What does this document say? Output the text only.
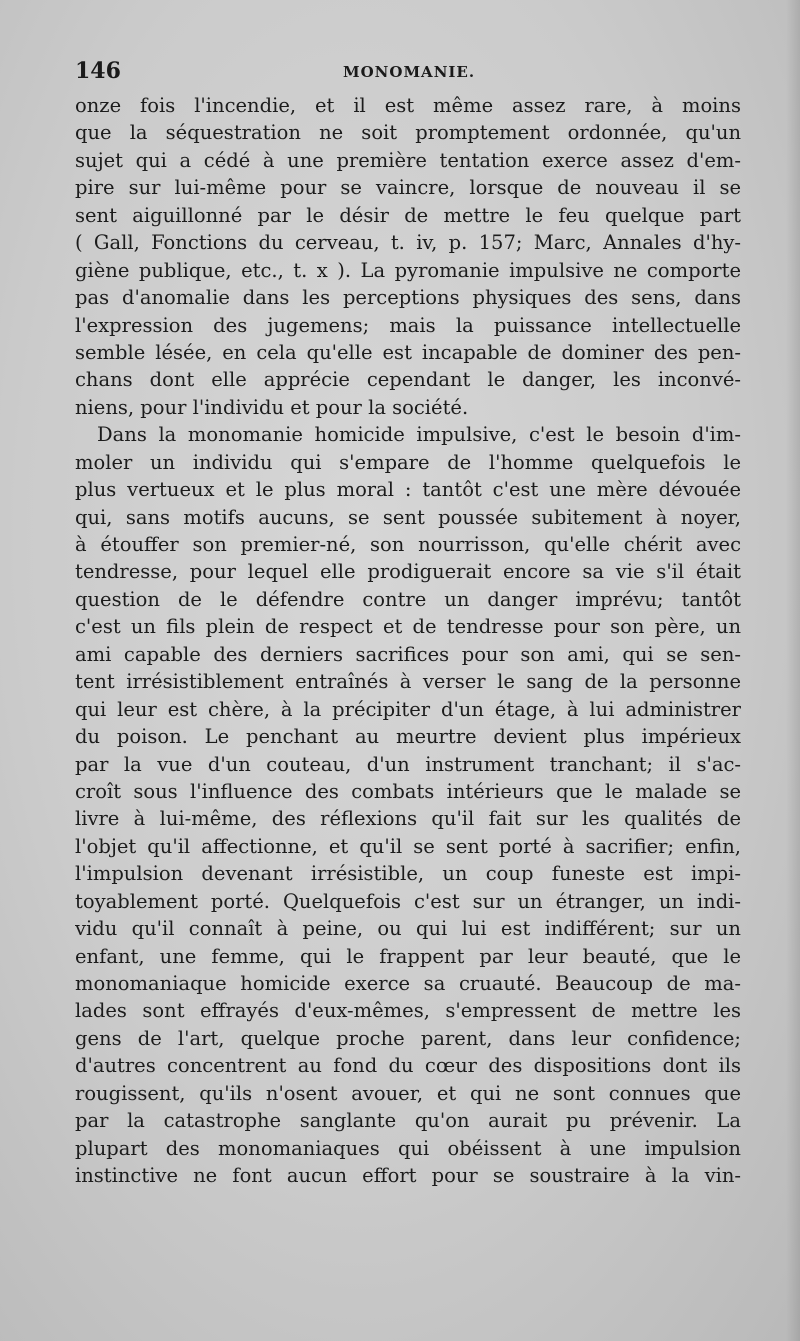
146	MONOMANIE.
onze fois l'incendie, et il est même assez rare, à moins
que la séquestration ne soit promptement ordonnée, qu'un
sujet qui a cédé à une première tentation exerce assez d'em-
pire sur lui-même pour se vaincre, lorsque de nouveau il se
sent aiguillonné par le désir de mettre le feu quelque part
( Gall, Fonctions du cerveau, t. iv, p. 157; Marc, Annales d'hy-
giène publique, etc., t. x ). La pyromanie impulsive ne comporte
pas d'anomalie dans les perceptions physiques des sens, dans
l'expression des jugemens; mais la puissance intellectuelle
semble lésée, en cela qu'elle est incapable de dominer des pen-
chans dont elle apprécie cependant le danger, les inconvé-
niens, pour l'individu et pour la société.
Dans la monomanie homicide impulsive, c'est le besoin d'im-
moler un individu qui s'empare de l'homme quelquefois le
plus vertueux et le plus moral : tantôt c'est une mère dévouée
qui, sans motifs aucuns, se sent poussée subitement à noyer,
à étouffer son premier-né, son nourrisson, qu'elle chérit avec
tendresse, pour lequel elle prodiguerait encore sa vie s'il était
question de le défendre contre un danger imprévu; tantôt
c'est un fils plein de respect et de tendresse pour son père, un
ami capable des derniers sacrifices pour son ami, qui se sen-
tent irrésistiblement entraînés à verser le sang de la personne
qui leur est chère, à la précipiter d'un étage, à lui administrer
du poison. Le penchant au meurtre devient plus impérieux
par la vue d'un couteau, d'un instrument tranchant; il s'ac-
croît sous l'influence des combats intérieurs que le malade se
livre à lui-même, des réflexions qu'il fait sur les qualités de
l'objet qu'il affectionne, et qu'il se sent porté à sacrifier; enfin,
l'impulsion devenant irrésistible, un coup funeste est impi-
toyablement porté. Quelquefois c'est sur un étranger, un indi-
vidu qu'il connaît à peine, ou qui lui est indifférent; sur un
enfant, une femme, qui le frappent par leur beauté, que le
monomaniaque homicide exerce sa cruauté. Beaucoup de ma-
lades sont effrayés d'eux-mêmes, s'empressent de mettre les
gens de l'art, quelque proche parent, dans leur confidence;
d'autres concentrent au fond du cœur des dispositions dont ils
rougissent, qu'ils n'osent avouer, et qui ne sont connues que
par la catastrophe sanglante qu'on aurait pu prévenir. La
plupart des monomaniaques qui obéissent à une impulsion
instinctive ne font aucun effort pour se soustraire à la vin-
